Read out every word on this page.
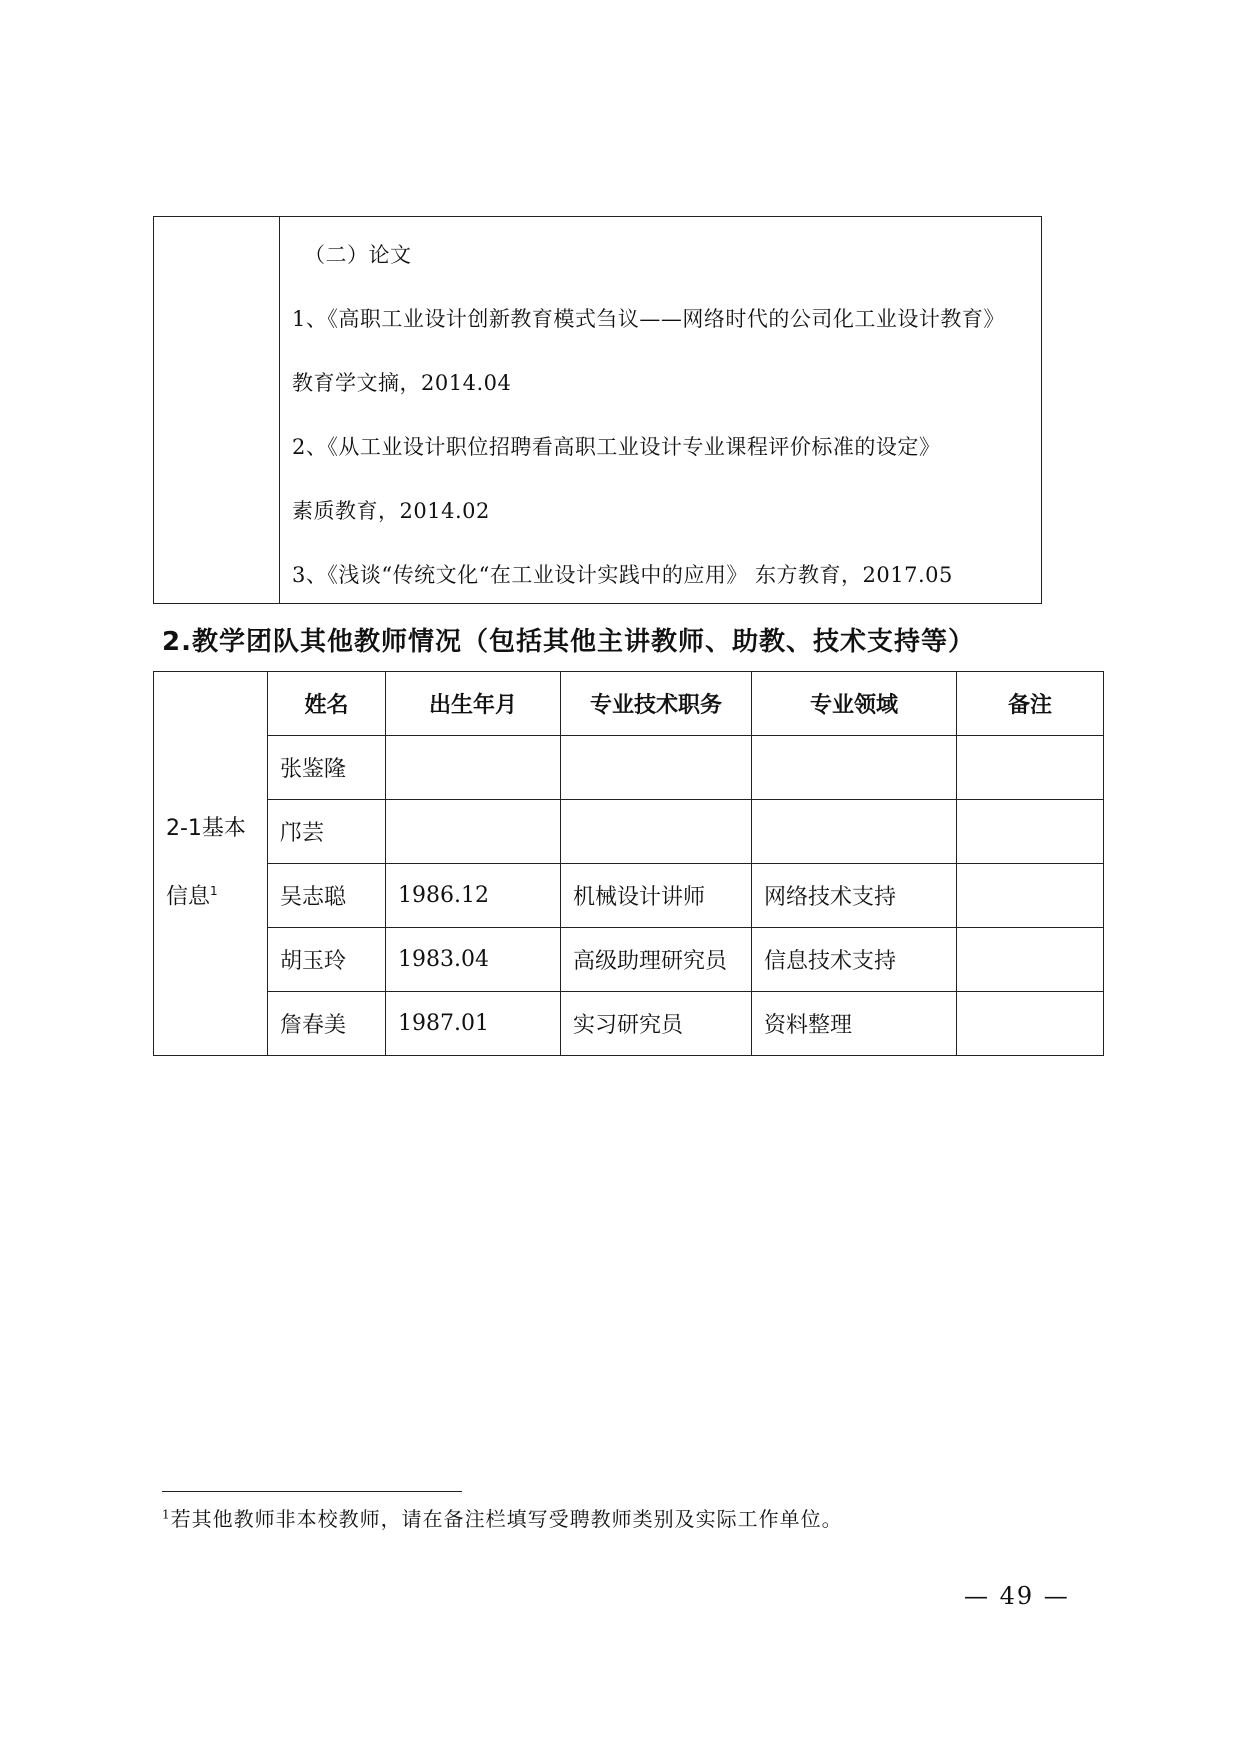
（二）论文
1、《高职工业设计创新教育模式刍议——网络时代的公司化工业设计教育》
教育学文摘，2014.04
2、《从工业设计职位招聘看高职工业设计专业课程评价标准的设定》
素质教育，2014.02
3、《浅谈“传统文化“在工业设计实践中的应用》 东方教育，2017.05
2.教学团队其他教师情况（包括其他主讲教师、助教、技术支持等）
2-1基本
信息$^1$	姓名	出生年月	专业技术职务	专业领域	备注
	张鉴隆				
	邝芸				
	吴志聪	1986.12	机械设计讲师	网络技术支持	
	胡玉玲	1983.04	高级助理研究员	信息技术支持	
	詹春美	1987.01	实习研究员	资料整理	
$^1$若其他教师非本校教师，请在备注栏填写受聘教师类别及实际工作单位。
— 49 —
